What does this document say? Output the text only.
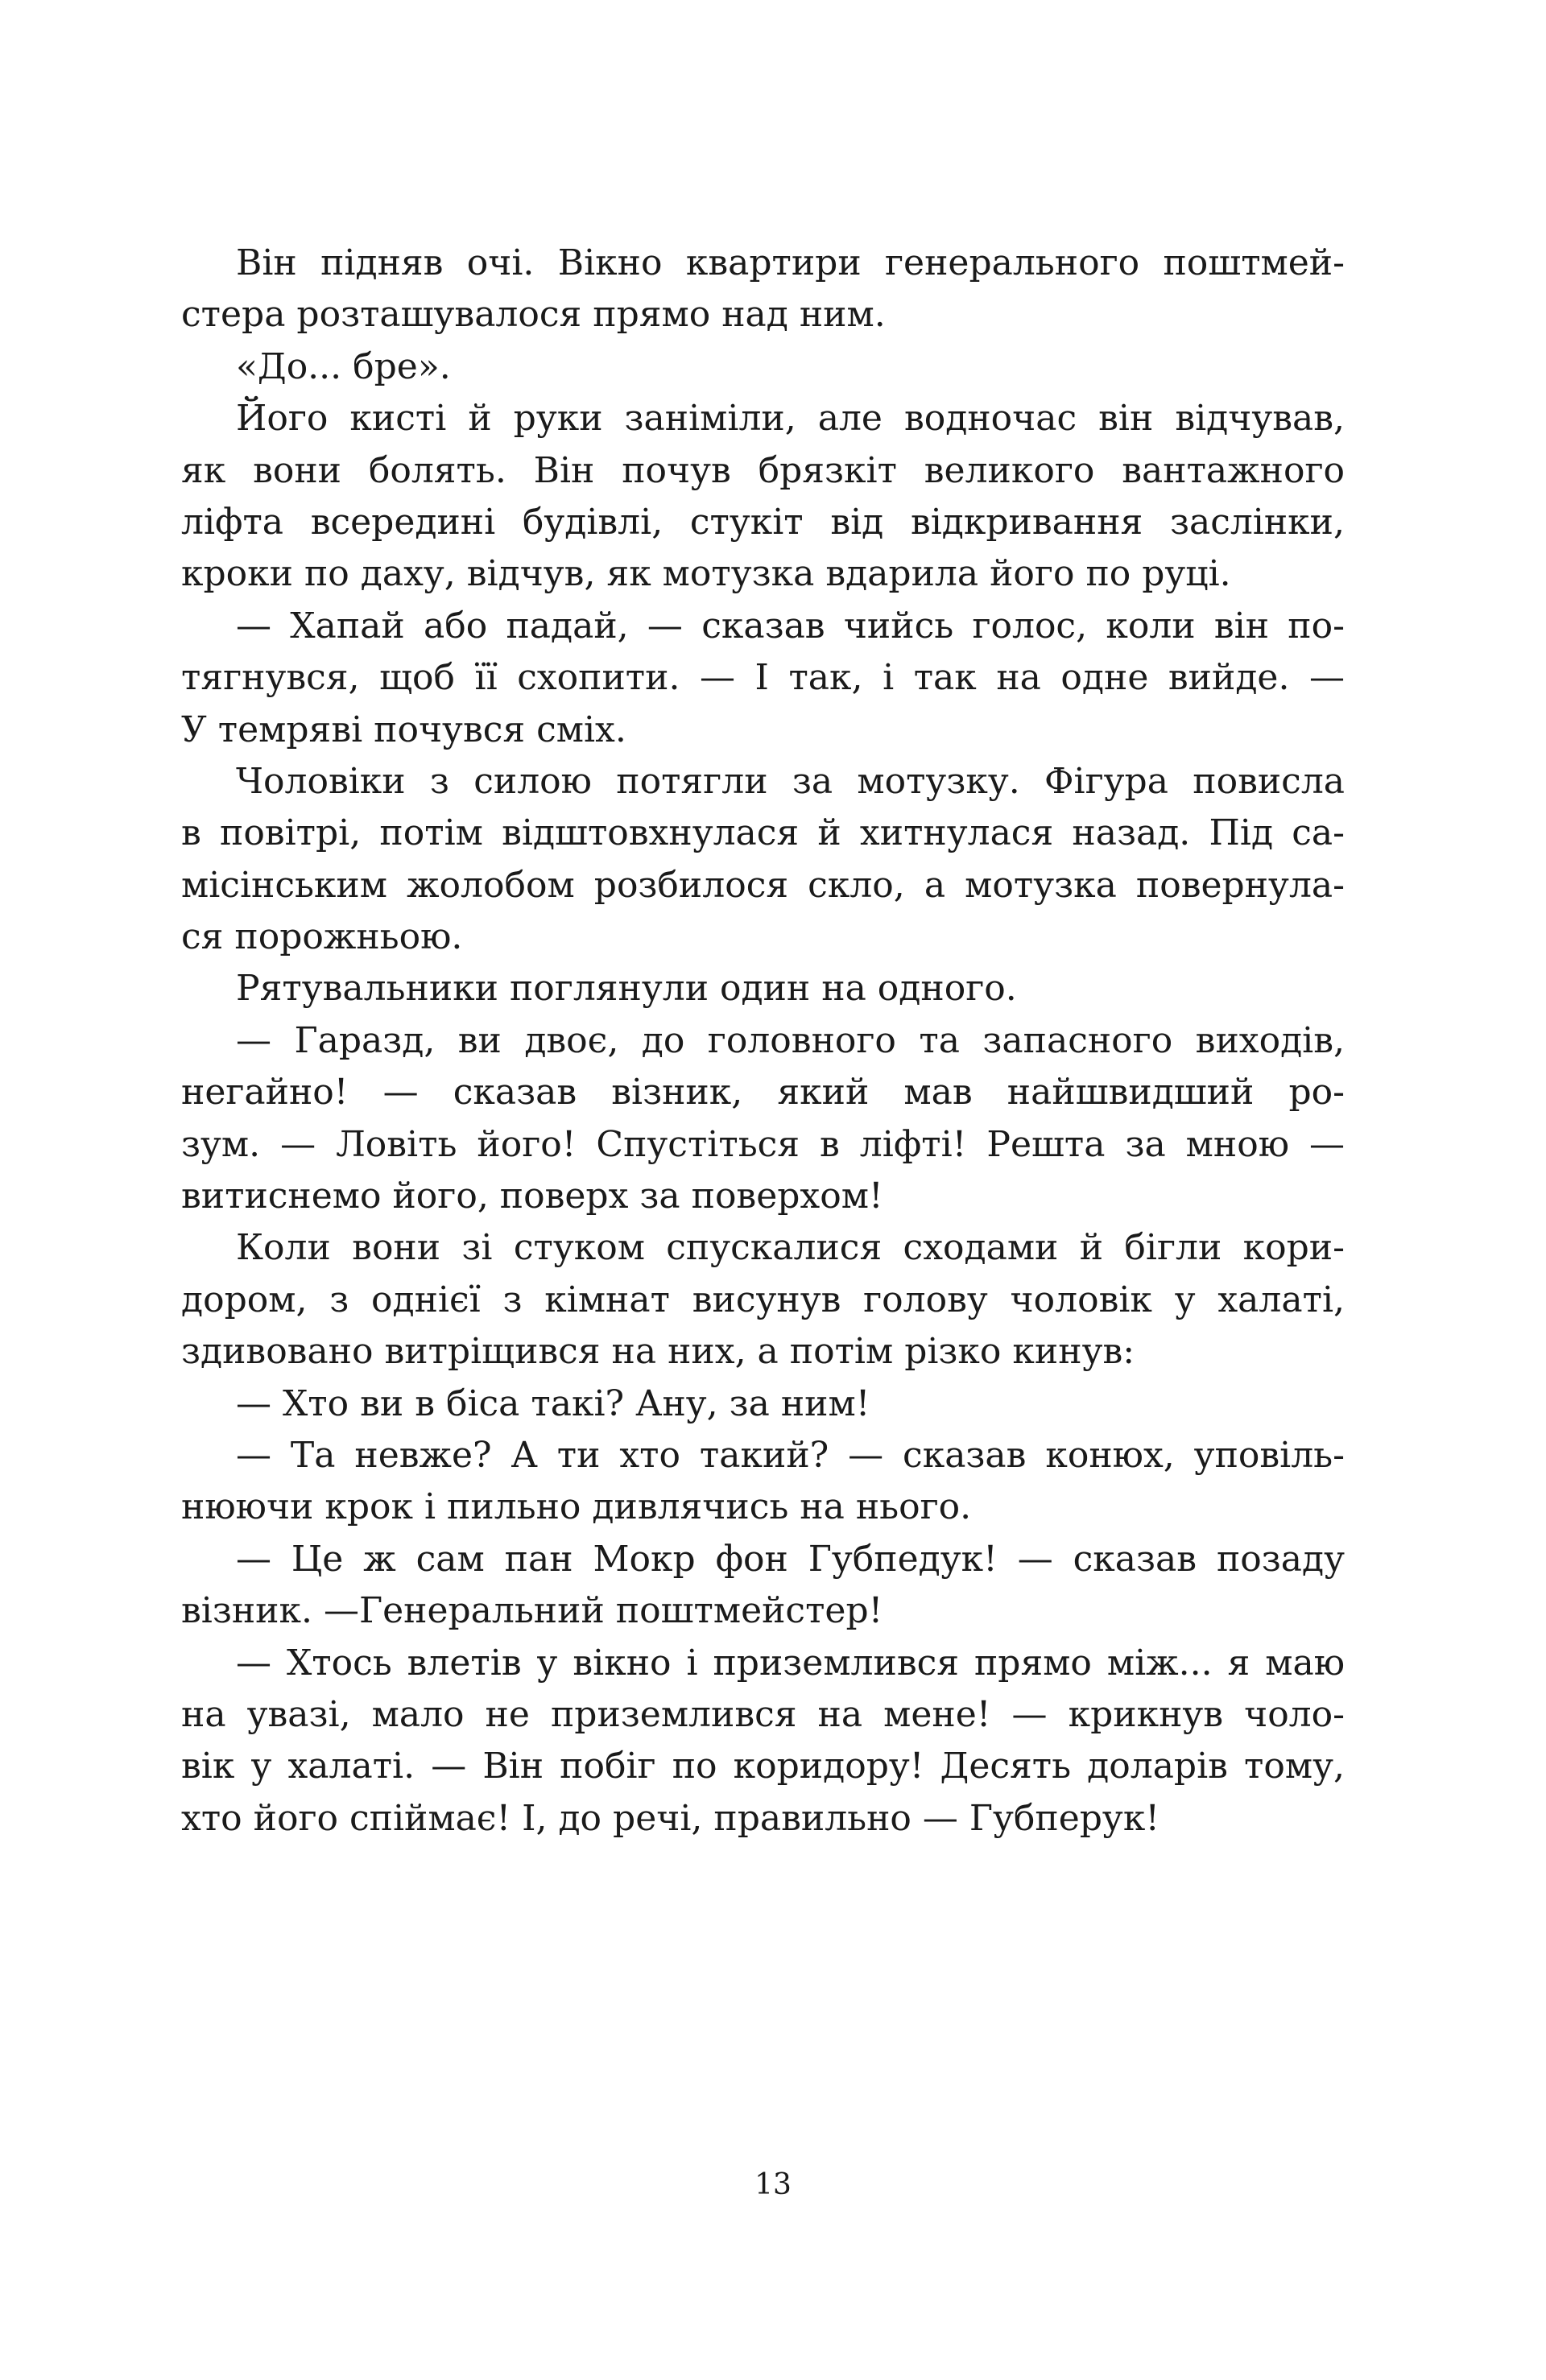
Він підняв очі. Вікно квартири генерального поштмей-
стера розташувалося прямо над ним.
«До... бре».
Його кисті й руки заніміли, але водночас він відчував,
як вони болять. Він почув брязкіт великого вантажного
ліфта всередині будівлі, стукіт від відкривання заслінки,
кроки по даху, відчув, як мотузка вдарила його по руці.
— Хапай або падай, — сказав чийсь голос, коли він по-
тягнувся, щоб її схопити. — І так, і так на одне вийде. —
У темряві почувся сміх.
Чоловіки з силою потягли за мотузку. Фігура повисла
в повітрі, потім відштовхнулася й хитнулася назад. Під са-
місінським жолобом розбилося скло, а мотузка повернула-
ся порожньою.
Рятувальники поглянули один на одного.
— Гаразд, ви двоє, до головного та запасного виходів,
негайно! — сказав візник, який мав найшвидший ро-
зум. — Ловіть його! Спустіться в ліфті! Решта за мною —
витиснемо його, поверх за поверхом!
Коли вони зі стуком спускалися сходами й бігли кори-
дором, з однієї з кімнат висунув голову чоловік у халаті,
здивовано витріщився на них, а потім різко кинув:
— Хто ви в біса такі? Ану, за ним!
— Та невже? А ти хто такий? — сказав конюх, уповіль-
нюючи крок і пильно дивлячись на нього.
— Це ж сам пан Мокр фон Губпедук! — сказав позаду
візник. —Генеральний поштмейстер!
— Хтось влетів у вікно і приземлився прямо між... я маю
на увазі, мало не приземлився на мене! — крикнув чоло-
вік у халаті. — Він побіг по коридору! Десять доларів тому,
хто його спіймає! І, до речі, правильно — Губперук!
13
